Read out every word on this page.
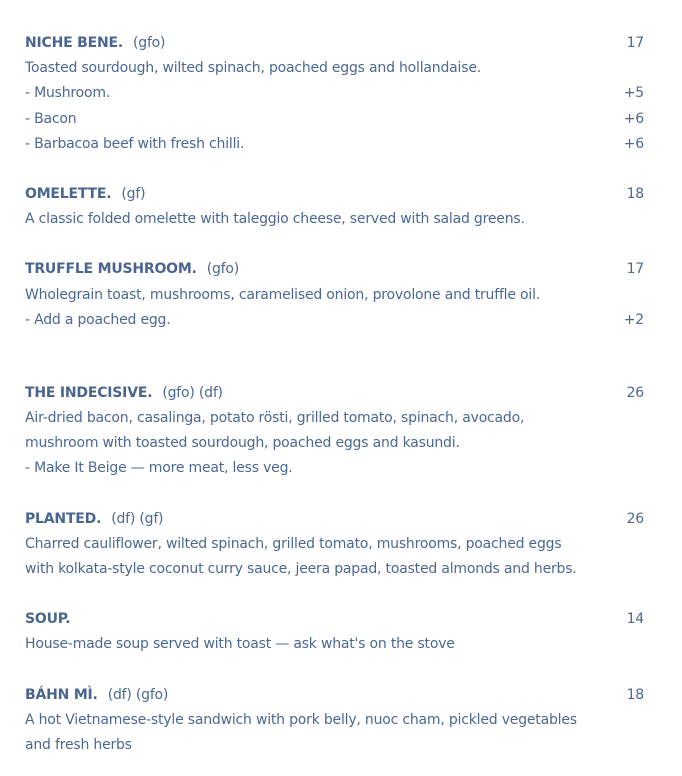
NICHE BENE. (gfo)	17
Toasted sourdough, wilted spinach, poached eggs and hollandaise.
- Mushroom.	+5
- Bacon	+6
- Barbacoa beef with fresh chilli.	+6
OMELETTE. (gf)	18
A classic folded omelette with taleggio cheese, served with salad greens.
TRUFFLE MUSHROOM. (gfo)	17
Wholegrain toast, mushrooms, caramelised onion, provolone and truffle oil.
- Add a poached egg.	+2
THE INDECISIVE. (gfo) (df)	26
Air-dried bacon, casalinga, potato rösti, grilled tomato, spinach, avocado,
mushroom with toasted sourdough, poached eggs and kasundi.
- Make It Beige — more meat, less veg.
PLANTED. (df) (gf)	26
Charred cauliflower, wilted spinach, grilled tomato, mushrooms, poached eggs
with kolkata-style coconut curry sauce, jeera papad, toasted almonds and herbs.
SOUP.	14
House-made soup served with toast — ask what's on the stove
BÁHN MÌ. (df) (gfo)	18
A hot Vietnamese-style sandwich with pork belly, nuoc cham, pickled vegetables
and fresh herbs
